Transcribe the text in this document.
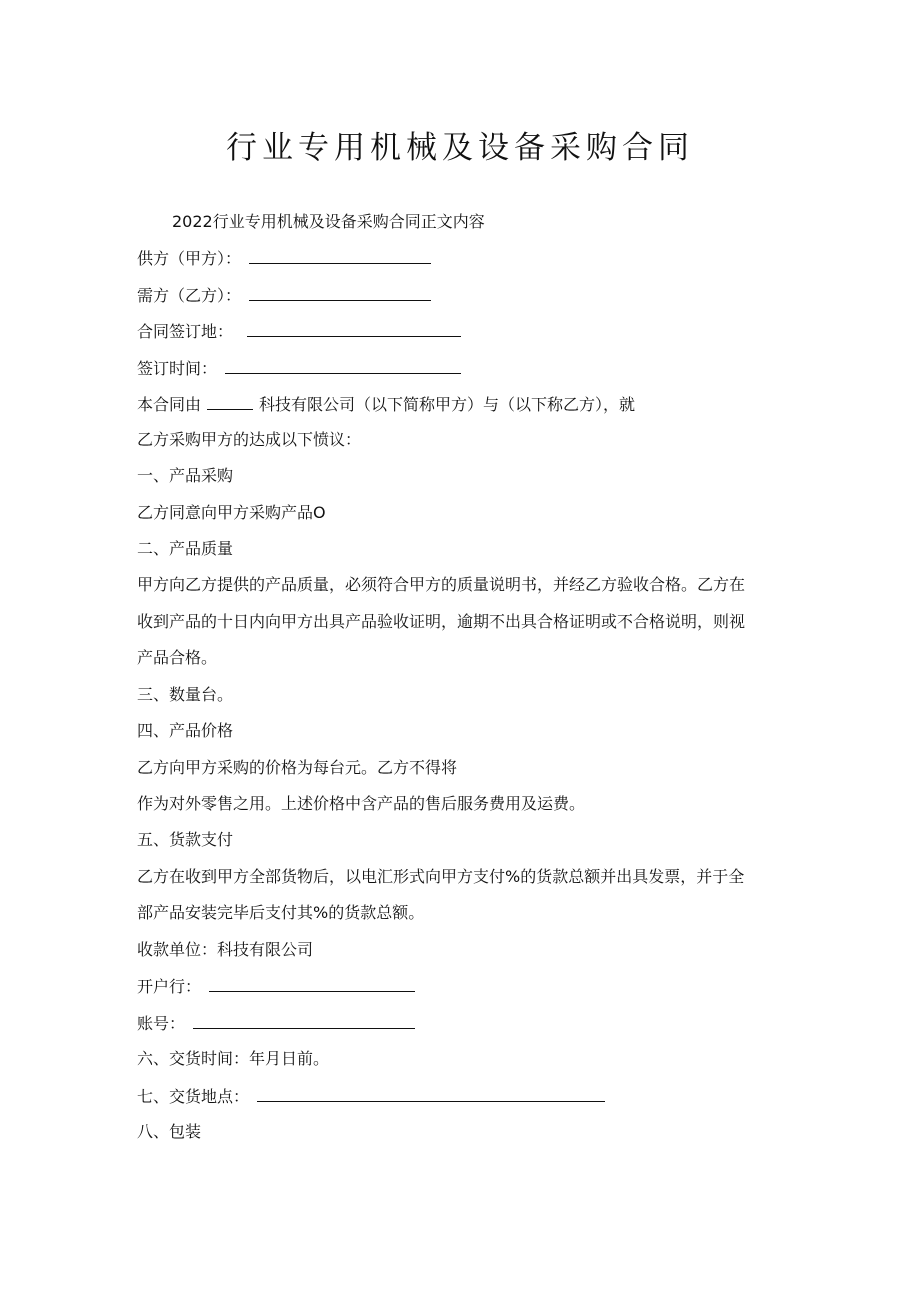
行业专用机械及设备采购合同
2022行业专用机械及设备采购合同正文内容
供方（甲方）：
需方（乙方）：
合同签订地：
签订时间：
本合同由	科技有限公司（以下简称甲方）与（以下称乙方），就
乙方采购甲方的达成以下愤议：
一、产品采购
乙方同意向甲方采购产品O
二、产品质量
甲方向乙方提供的产品质量，必须符合甲方的质量说明书，并经乙方验收合格。乙方在
收到产品的十日内向甲方出具产品验收证明，逾期不出具合格证明或不合格说明，则视
产品合格。
三、数量台。
四、产品价格
乙方向甲方采购的价格为每台元。乙方不得将
作为对外零售之用。上述价格中含产品的售后服务费用及运费。
五、货款支付
乙方在收到甲方全部货物后，以电汇形式向甲方支付%的货款总额并出具发票，并于全
部产品安装完毕后支付其%的货款总额。
收款单位：科技有限公司
开户行：
账号：
六、交货时间：年月日前。
七、交货地点：
八、包装
